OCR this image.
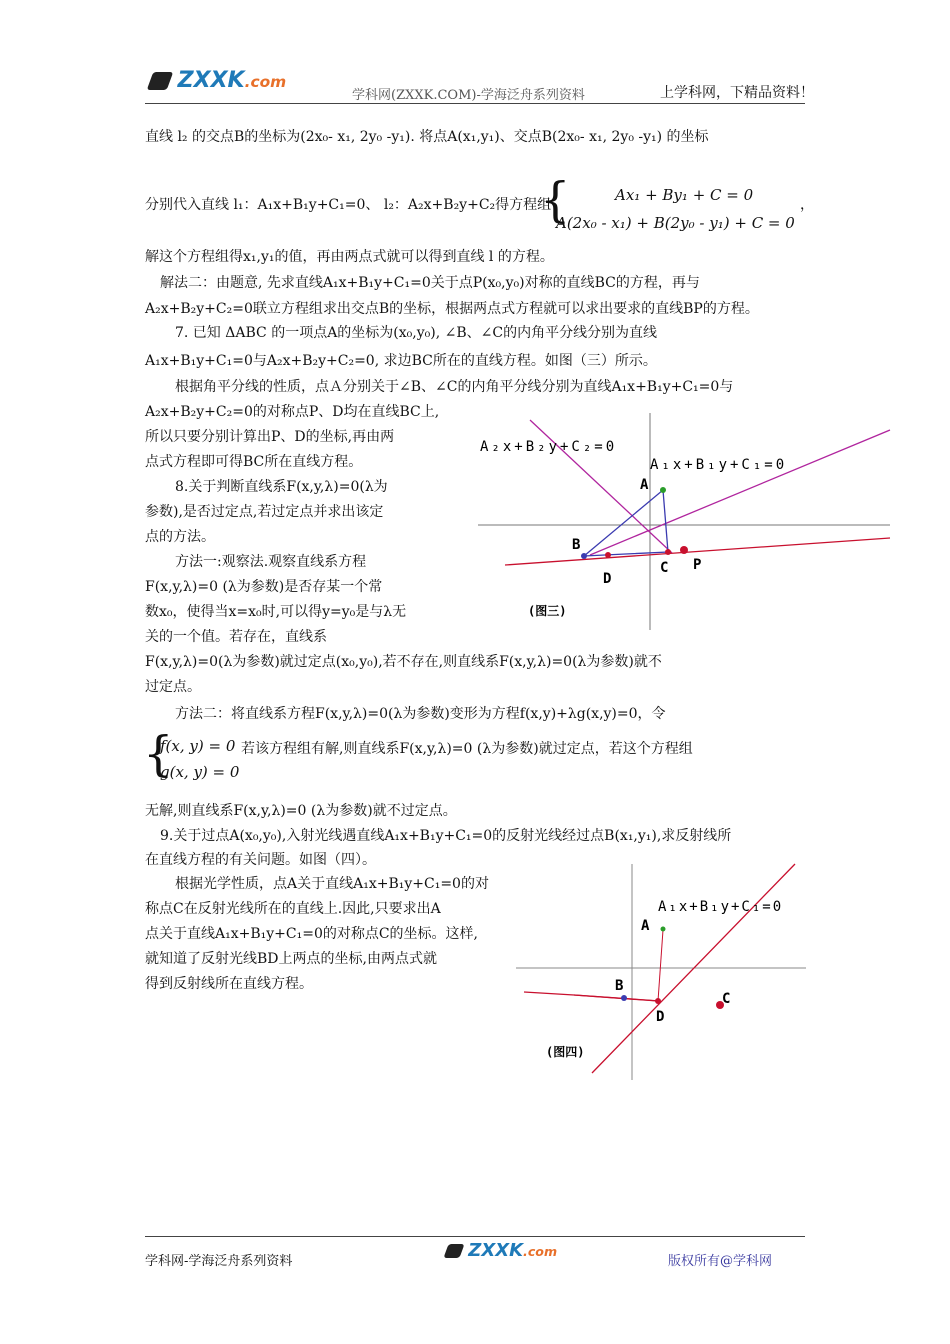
ZXXK.com
学科网(ZXXK.COM)-学海泛舟系列资料	上学科网，下精品资料！
直线 l₂ 的交点B的坐标为(2x₀- x₁, 2y₀ -y₁). 将点A(x₁,y₁)、交点B(2x₀- x₁, 2y₀ -y₁) 的坐标
分别代入直线 l₁：A₁x+B₁y+C₁=0、 l₂：A₂x+B₂y+C₂得方程组
{	Ax₁ + By₁ + C = 0
A(2x₀ - x₁) + B(2y₀ - y₁) + C = 0
，
解这个方程组得x₁,y₁的值，再由两点式就可以得到直线 l 的方程。
解法二：由题意, 先求直线A₁x+B₁y+C₁=0关于点P(x₀,y₀)对称的直线BC的方程，再与
A₂x+B₂y+C₂=0联立方程组求出交点B的坐标，根据两点式方程就可以求出要求的直线BP的方程。
7. 已知 ΔABC 的一项点A的坐标为(x₀,y₀), ∠B、∠C的内角平分线分别为直线
A₁x+B₁y+C₁=0与A₂x+B₂y+C₂=0, 求边BC所在的直线方程。如图（三）所示。
根据角平分线的性质，点Ａ分别关于∠B、∠C的内角平分线分别为直线A₁x+B₁y+C₁=0与
A₂x+B₂y+C₂=0的对称点P、D均在直线BC上,
所以只要分别计算出P、D的坐标,再由两
点式方程即可得BC所在直线方程。
8.关于判断直线系F(x,y,λ)=0(λ为
参数),是否过定点,若过定点并求出该定
点的方法。
方法一:观察法.观察直线系方程
F(x,y,λ)=0 (λ为参数)是否存某一个常
数x₀，使得当x=x₀时,可以得y=y₀是与λ无
关的一个值。若存在，直线系
F(x,y,λ)=0(λ为参数)就过定点(x₀,y₀),若不存在,则直线系F(x,y,λ)=0(λ为参数)就不
过定点。
方法二：将直线系方程F(x,y,λ)=0(λ为参数)变形为方程f(x,y)+λg(x,y)=0，令
{
f(x, y) = 0
g(x, y) = 0
若该方程组有解,则直线系F(x,y,λ)=0 (λ为参数)就过定点，若这个方程组
无解,则直线系F(x,y,λ)=0 (λ为参数)就不过定点。
9.关于过点A(x₀,y₀),入射光线遇直线A₁x+B₁y+C₁=0的反射光线经过点B(x₁,y₁),求反射线所
在直线方程的有关问题。如图（四）。
根据光学性质，点A关于直线A₁x+B₁y+C₁=0的对
称点C在反射光线所在的直线上.因此,只要求出A
点关于直线A₁x+B₁y+C₁=0的对称点C的坐标。这样,
就知道了反射光线BD上两点的坐标,由两点式就
得到反射线所在直线方程。
A₂x+B₂y+C₂=0
A₁x+B₁y+C₁=0
A
B
C
D
P
(图三)
A₁x+B₁y+C₁=0
A
B
C
D
(图四)
学科网-学海泛舟系列资料
ZXXK.com
版权所有@学科网
